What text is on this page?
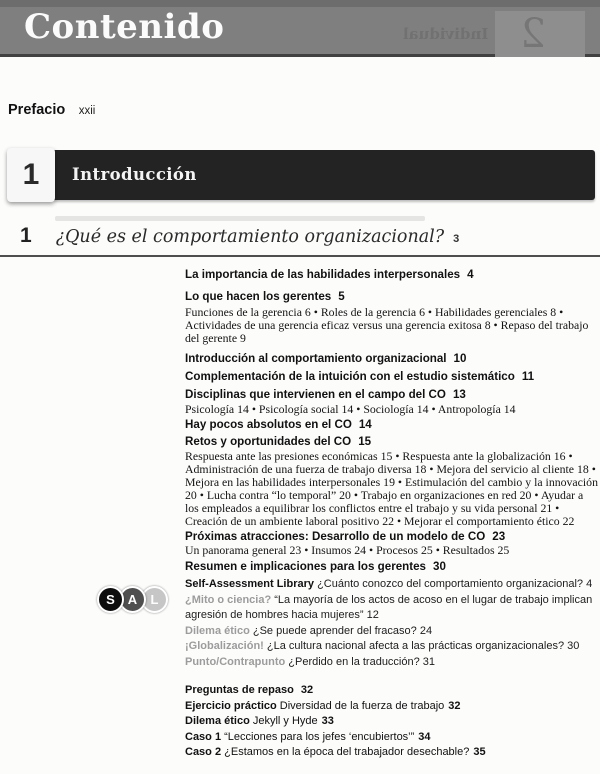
Contenido	Individual 2
Prefacio xxii
Introducción
1
1 ¿Qué es el comportamiento organizacional? 3
S A	L
La importancia de las habilidades interpersonales 4
Lo que hacen los gerentes 5
Funciones de la gerencia 6 • Roles de la gerencia 6 • Habilidades gerenciales 8 • Actividades de una gerencia eficaz versus una gerencia exitosa 8 • Repaso del trabajo del gerente 9
Introducción al comportamiento organizacional 10
Complementación de la intuición con el estudio sistemático 11
Disciplinas que intervienen en el campo del CO 13
Psicología 14 • Psicología social 14 • Sociología 14 • Antropología 14
Hay pocos absolutos en el CO 14
Retos y oportunidades del CO 15
Respuesta ante las presiones económicas 15 • Respuesta ante la globalización 16 • Administración de una fuerza de trabajo diversa 18 • Mejora del servicio al cliente 18 • Mejora en las habilidades interpersonales 19 • Estimulación del cambio y la innovación 20 • Lucha contra “lo temporal” 20 • Trabajo en organizaciones en red 20 • Ayudar a los empleados a equilibrar los conflictos entre el trabajo y su vida personal 21 • Creación de un ambiente laboral positivo 22 • Mejorar el comportamiento ético 22
Próximas atracciones: Desarrollo de un modelo de CO 23
Un panorama general 23 • Insumos 24 • Procesos 25 • Resultados 25
Resumen e implicaciones para los gerentes 30
Self-Assessment Library ¿Cuánto conozco del comportamiento organizacional? 4
¿Mito o ciencia? “La mayoría de los actos de acoso en el lugar de trabajo implican agresión de hombres hacia mujeres” 12
Dilema ético ¿Se puede aprender del fracaso? 24
¡Globalización! ¿La cultura nacional afecta a las prácticas organizacionales? 30
Punto/Contrapunto ¿Perdido en la traducción? 31
Preguntas de repaso 32
Ejercicio práctico Diversidad de la fuerza de trabajo 32
Dilema ético Jekyll y Hyde 33
Caso 1 “Lecciones para los jefes ‘encubiertos’” 34
Caso 2 ¿Estamos en la época del trabajador desechable? 35
